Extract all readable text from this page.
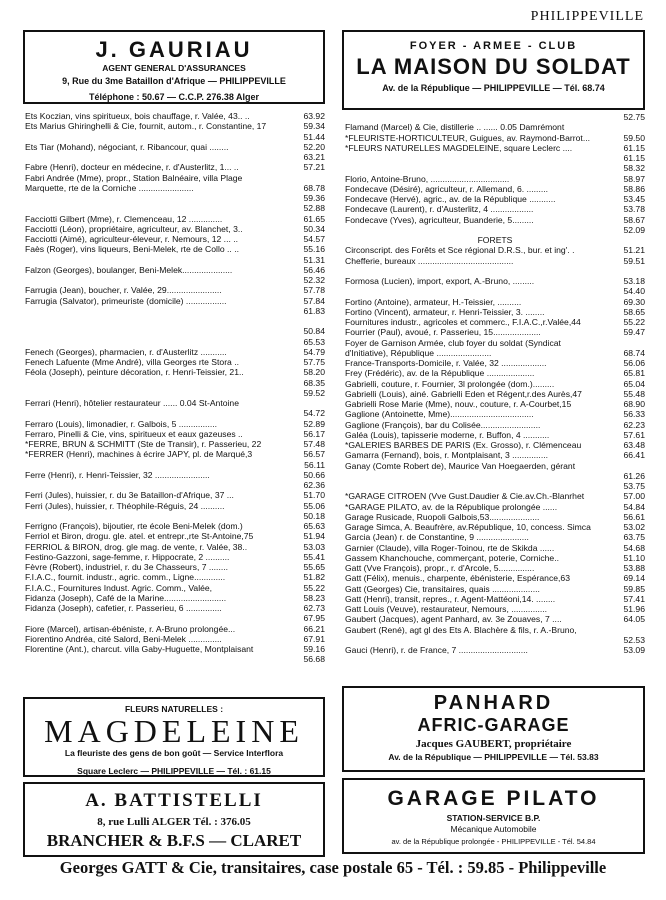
PHILIPPEVILLE
J. GAURIAU
AGENT GENERAL D'ASSURANCES
9, Rue du 3me Bataillon d'Afrique — PHILIPPEVILLE
Téléphone : 50.67 — C.C.P. 276.38 Alger
FOYER - ARMEE - CLUB
LA MAISON DU SOLDAT
Av. de la République — PHILIPPEVILLE — Tél. 68.74
Ets Koczian, vins spiritueux, bois chauffage, r. Valée, 43.. ..	63.92
Ets Marius Ghiringhelli & Cie, fournit, autom., r. Constantine, 17	59.34
51.44
Ets Tiar (Mohand), négociant, r. Ribancour, quai ........	52.20
63.21
Fabre (Henri), docteur en médecine, r. d'Austerlitz, 1... ..	57.21
Fabri Andrée (Mme), propr., Station Balnéaire, villa Plage
Marquette, rte de la Corniche .......................	68.78
59.36
52.88
Facciotti Gilbert (Mme), r. Clemenceau, 12 ..............	61.65
Facciotti (Léon), propriétaire, agriculteur, av. Blanchet, 3..	50.34
Facciotti (Aimé), agriculteur-éleveur, r. Nemours, 12 ... ..	54.57
Faès (Roger), vins liqueurs, Beni-Melek, rte de Collo .. ..	55.16
51.31
Falzon (Georges), boulanger, Beni-Melek.....................	56.46
52.32
Farrugia (Jean), boucher, r. Valée, 29.......................	57.78
Farrugia (Salvator), primeuriste (domicile) .................	57.84
61.83
50.84
65.53
Fenech (Georges), pharmacien, r. d'Austerlitz ...........	54.79
Fenech Lafuente (Mme André), villa Georges rte Stora ..	57.75
Féola (Joseph), peinture décoration, r. Henri-Teissier, 21..	58.20
68.35
59.52
Ferrari (Henri), hôtelier restaurateur ...... 0.04 St-Antoine
54.72
Ferraro (Louis), limonadier, r. Galbois, 5 ................	52.89
Ferraro, Pinelli & Cie, vins, spiritueux et eaux gazeuses ..	56.17
*FERRE, BRUN & SCHMITT (Ste de Transir), r. Passerieu, 22	57.48
*FERRER (Henri), machines à écrire JAPY, pl. de Marqué,3	56.57
56.11
Ferre (Henri), r. Henri-Teissier, 32 .......................	50.66
62.36
Ferri (Jules), huissier, r. du 3e Bataillon-d'Afrique, 37 ...	51.70
Ferri (Jules), huissier, r. Théophile-Réguis, 24 ..........	55.06
50.18
Ferrigno (François), bijoutier, rte école Beni-Melek (dom.)	65.63
Ferriol et Biron, drogu. gle. atel. et entrepr.,rte St-Antoine,75	51.94
FERRIOL & BIRON, drog. gle mag. de vente, r. Valée, 38..	53.03
Festino-Gazzoni, sage-femme, r. Hippocrate, 2 ..........	55.41
Fèvre (Robert), industriel, r. du 3e Chasseurs, 7 ........	55.65
F.I.A.C., fournit. industr., agric. comm., Ligne.............	51.82
F.I.A.C., Fournitures Indust. Agric. Comm., Valée,	55.22
Fidanza (Joseph), Café de la Marine..........................	58.23
Fidanza (Joseph), cafetier, r. Passerieu, 6 ...............	62.73
67.95
Fiore (Marcel), artisan-ébéniste, r. A-Bruno prolongée...	66.21
Fiorentino Andréa, cité Salord, Beni-Melek ..............	67.91
Florentine (Ant.), charcut. villa Gaby-Huguette, Montplaisant	59.16
56.68
52.75
Flamand (Marcel) & Cie, distillerie .. ...... 0.05 Damrémont
*FLEURISTE-HORTICULTEUR, Guigues, av. Raymond-Barrot...	59.50
*FLEURS NATURELLES MAGDELEINE, square Leclerc ....	61.15
61.15
58.32
Florio, Antoine-Bruno, .................................	58.97
Fondecave (Désiré), agriculteur, r. Allemand, 6. .........	58.86
Fondecave (Hervé), agric., av. de la République ...........	53.45
Fondecave (Laurent), r. d'Austerlitz, 4 ..................	53.78
Fondecave (Yves), agriculteur, Buanderie, 5.........	58.67
52.09
FORETS
Circonscript. des Forêts et Sce régional D.R.S., bur. et ing'. .	51.21
Chefferie, bureaux ........................................	59.51
Formosa (Lucien), import, export, A.-Bruno, .........	53.18
54.40
Fortino (Antoine), armateur, H.-Teissier, ..........	69.30
Fortino (Vincent), armateur, r. Henri-Teissier, 3. ........	58.65
Fournitures industr., agricoles et commerc., F.I.A.C.,r.Valée,44	55.22
Fourrier (Paul), avoué, r. Passerieu, 15....................	59.47
Foyer de Garnison Armée, club foyer du soldat (Syndicat
d'Initiative), République .......................	68.74
France-Transports-Domicile, r. Valée, 32 ...................	56.06
Frey (Frédéric), av. de la République ....................	65.81
Gabrielli, couture, r. Fournier, 3l prolongée (dom.).........	65.04
Gabrielli (Louis), ainé. Gabrielli Eden et Régent,r.des Aurès,47	55.48
Gabrielli Rose Marie (Mme), nouv., couture, r. A-Courbet,15	68.90
Gaglione (Antoinette, Mme)...................................	56.33
Gaglione (François), bar du Colisée.........................	62.23
Galéa (Louis), tapisserie moderne, r. Buffon, 4 ...........	57.61
*GALERIES BARBES DE PARIS (Ex. Grosso), r. Clémenceau	63.48
Gamarra (Fernand), bois, r. Montplaisant, 3 ...............	66.41
Ganay (Comte Robert de), Maurice Van Hoegaerden, gérant
61.26
53.75
*GARAGE CITROEN (Vve Gust.Daudier & Cie.av.Ch.-Blanrhet	57.00
*GARAGE PILATO, av. de la République prolongée ......	54.84
Garage Rusicade, Ruopoli Galbois,53.....................	56.61
Garage Simca, A. Beaufrère, av.République, 10, concess. Simca	53.02
Garcia (Jean) r. de Constantine, 9 ......................	63.75
Garnier (Claude), villa Roger-Toinou, rte de Skikda ......	54.68
Gassem Khanchouche, commerçant, poterie, Corniche..	51.10
Gatt (Vve François), propr., r. d'Arcole, 5...............	53.88
Gatt (Félix), menuis., charpente, ébénisterie, Espérance,63	69.14
Gatt (Georges) Cie, transitaires, quais ....................	59.85
Gatt (Henri), transit, repres., r. Agent-Mattéoni,14. ........	57.41
Gatt Louis (Veuve), restaurateur, Nemours, ...............	51.96
Gaubert (Jacques), agent Panhard, av. 3e Zouaves, 7 ....	64.05
Gaubert (René), agt gl des Ets A. Blachère & fils, r. A.-Bruno,
52.53
Gauci (Henri), r. de France, 7 .............................	53.09
FLEURS NATURELLES :
MAGDELEINE
La fleuriste des gens de bon goût — Service Interflora
Square Leclerc — PHILIPPEVILLE — Tél. : 61.15
PANHARD
AFRIC-GARAGE
Jacques GAUBERT, propriétaire
Av. de la République — PHILIPPEVILLE — Tél. 53.83
A. BATTISTELLI
8, rue Lulli ALGER Tél. : 376.05
BRANCHER & B.F.S — CLARET
GARAGE PILATO
STATION-SERVICE B.P.
Mécanique Automobile
av. de la République prolongée - PHILIPPEVILLE - Tél. 54.84
Georges GATT & Cie, transitaires, case postale 65 - Tél. : 59.85 - Philippeville
